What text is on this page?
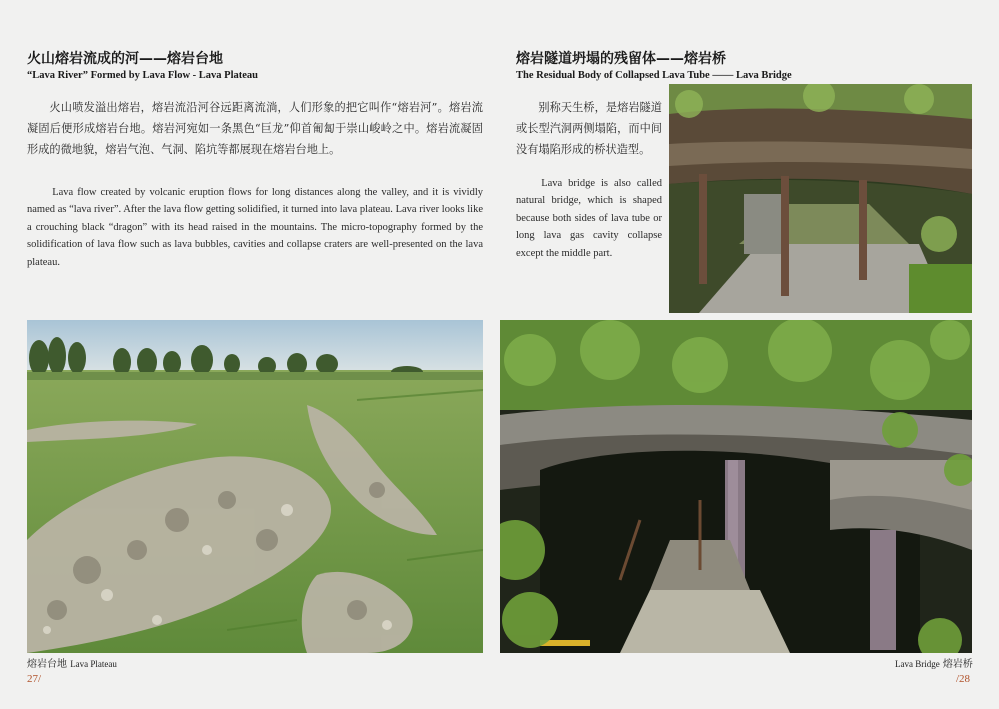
火山熔岩流成的河——熔岩台地
“Lava River” Formed by Lava Flow - Lava Plateau

火山喷发溢出熔岩，熔岩流沿河谷远距离流淌，人们形象的把它叫作“熔岩河”。熔岩流凝固后便形成熔岩台地。熔岩河宛如一条黑色“巨龙”仰首匍匐于崇山峻岭之中。熔岩流凝固形成的微地貌，熔岩气泡、气洞、陷坑等都展现在熔岩台地上。

Lava flow created by volcanic eruption flows for long distances along the valley, and it is vividly named as “lava river”. After the lava flow getting solidified, it turned into lava plateau. Lava river looks like a crouching black “dragon” with its head raised in the mountains. The micro-topography formed by the solidification of lava flow such as lava bubbles, cavities and collapse craters are well-presented on the lava plateau.

熔岩台地 Lava Plateau
27/
熔岩隧道坍塌的残留体——熔岩桥
The Residual Body of Collapsed Lava Tube —— Lava Bridge

别称天生桥，是熔岩隧道或长型汽洞两侧塌陷，而中间没有塌陷形成的桥状造型。

Lava bridge is also called natural bridge, which is shaped because both sides of lava tube or long lava gas cavity collapse except the middle part.

Lava Bridge 熔岩桥
/28
